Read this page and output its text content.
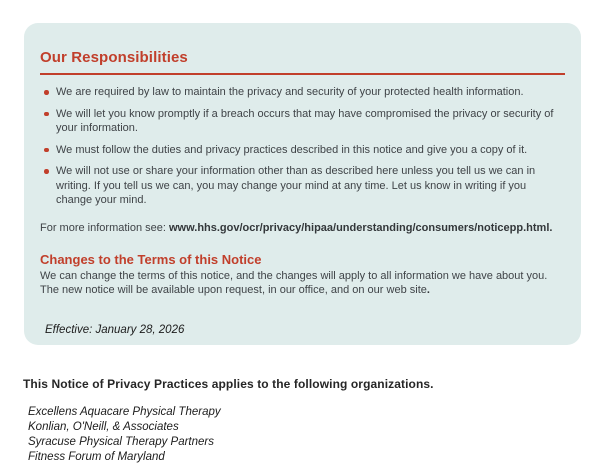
Our Responsibilities
We are required by law to maintain the privacy and security of your protected health information.
We will let you know promptly if a breach occurs that may have compromised the privacy or security of your information.
We must follow the duties and privacy practices described in this notice and give you a copy of it.
We will not use or share your information other than as described here unless you tell us we can in writing. If you tell us we can, you may change your mind at any time. Let us know in writing if you change your mind.
For more information see: www.hhs.gov/ocr/privacy/hipaa/understanding/consumers/noticepp.html.
Changes to the Terms of this Notice
We can change the terms of this notice, and the changes will apply to all information we have about you.
The new notice will be available upon request, in our office, and on our web site.
Effective: January 28, 2026
This Notice of Privacy Practices applies to the following organizations.
Excellens Aquacare Physical Therapy
Konlian, O'Neill, & Associates
Syracuse Physical Therapy Partners
Fitness Forum of Maryland
